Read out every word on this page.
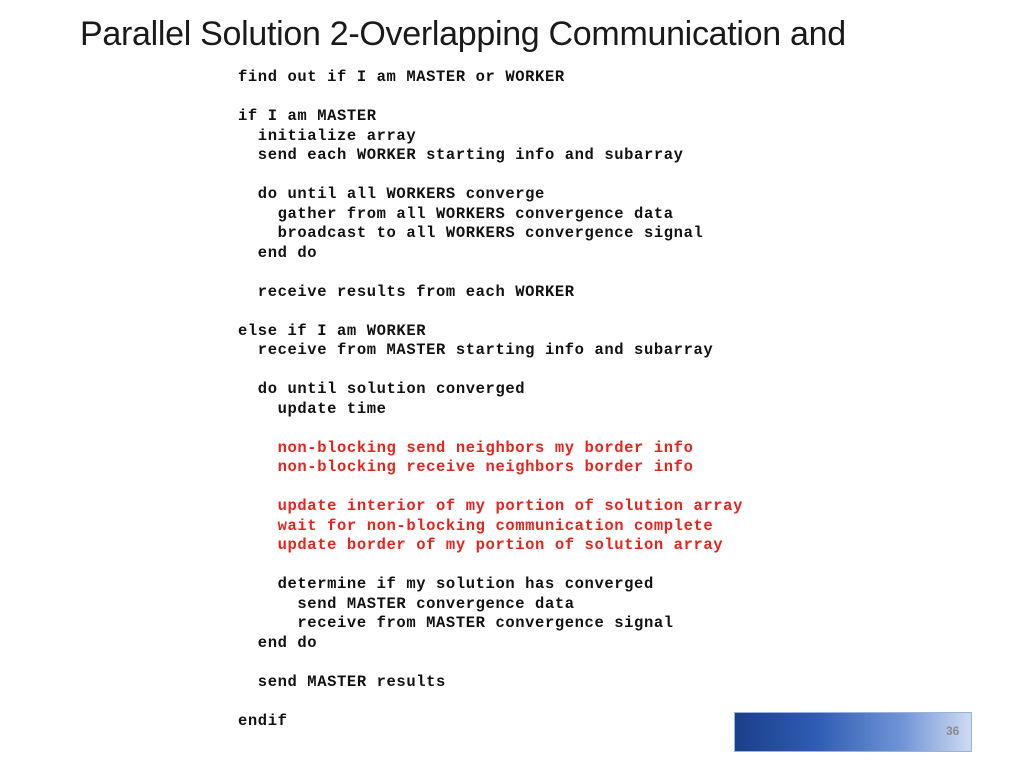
Parallel Solution 2-Overlapping Communication and
find out if I am MASTER or WORKER
if I am MASTER
initialize array
send each WORKER starting info and subarray
do until all WORKERS converge
gather from all WORKERS convergence data
broadcast to all WORKERS convergence signal
end do
receive results from each WORKER
else if I am WORKER
receive from MASTER starting info and subarray
do until solution converged
update time
non-blocking send neighbors my border info
non-blocking receive neighbors border info
update interior of my portion of solution array
wait for non-blocking communication complete
update border of my portion of solution array
determine if my solution has converged
send MASTER convergence data
receive from MASTER convergence signal
end do
send MASTER results
endif
36
